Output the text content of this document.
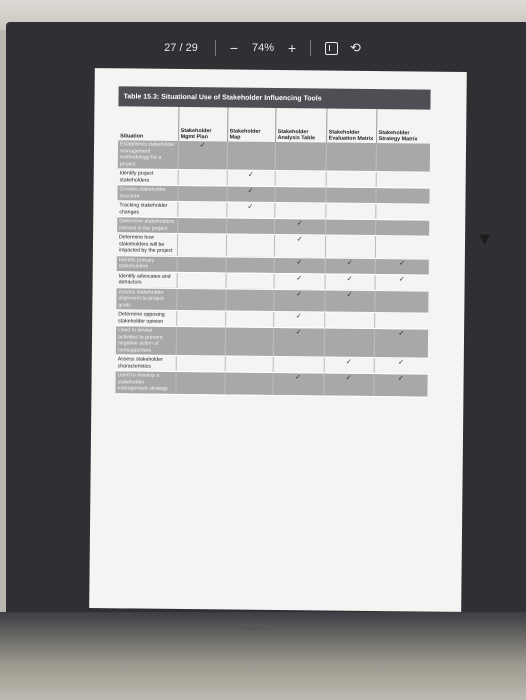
27 / 29	−	74% +	⟲
Table 15.3: Situational Use of Stakeholder Influencing Tools
Situation	Stakeholder Mgmt Plan	Stakeholder Map	Stakeholder Analysis Table	Stakeholder Evaluation Matrix	Stakeholder Strategy Matrix
Establishes stakeholder management methodology for a project	✓				
Identify project stakeholders		✓			
Creates stakeholder structure		✓			
Tracking stakeholder changes		✓			
Determine stakeholders interest in the project			✓		
Determine how stakeholders will be impacted by the project			✓		
Identify primary stakeholders			✓	✓	✓
Identify advocates and detractors			✓	✓	✓
Assess stakeholder alignment to project goals			✓	✓	
Determine opposing stakeholder opinion			✓		
Used to devise activities to prevent negative action of nonsupporters			✓		✓
Assess stakeholder characteristics				✓	✓
Used to develop a stakeholder management strategy			✓	✓	✓
MacBook Air
